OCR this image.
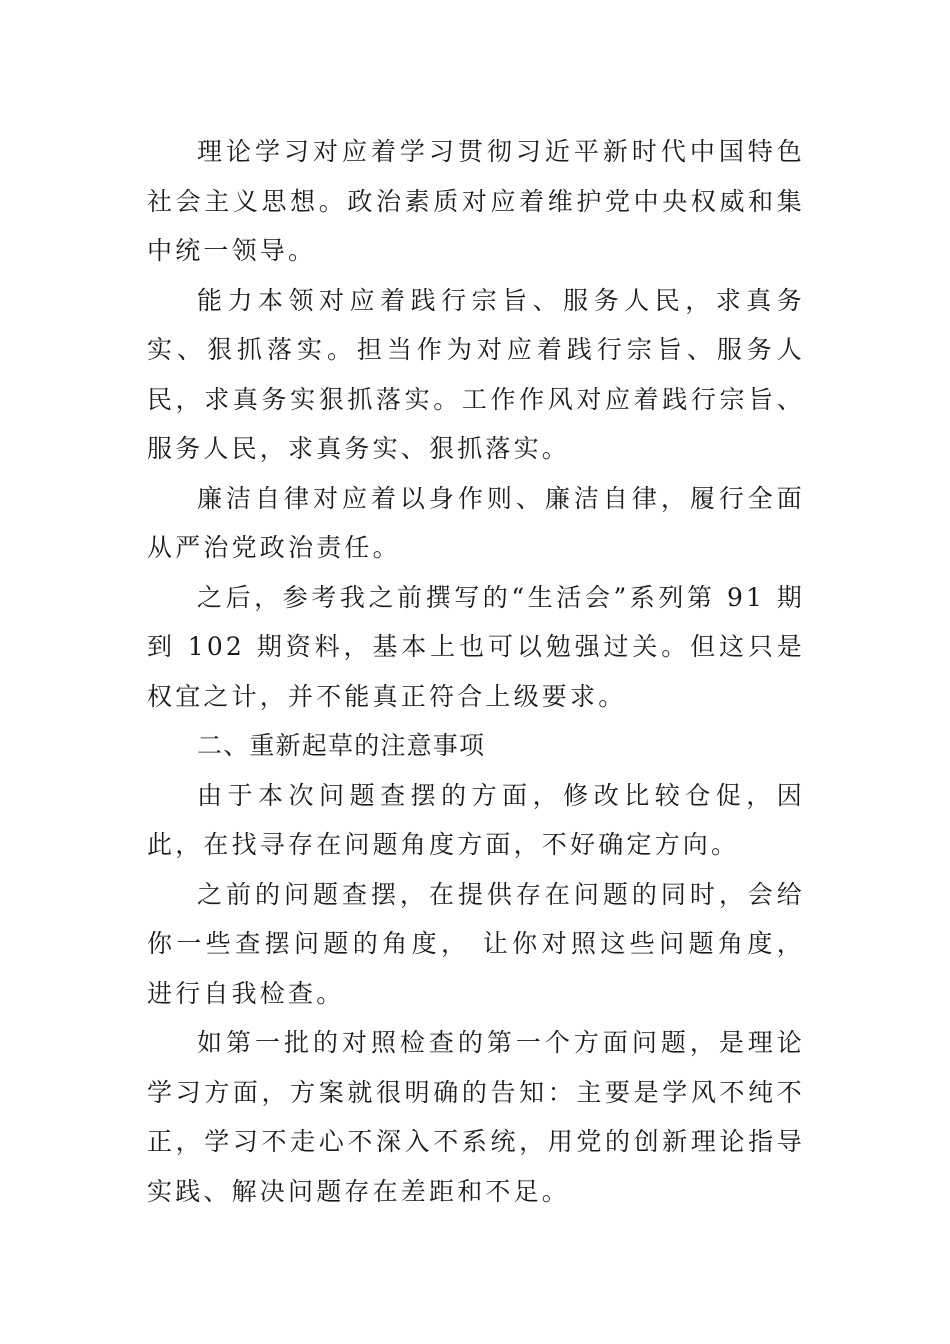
理论学习对应着学习贯彻习近平新时代中国特色社会主义思想。政治素质对应着维护党中央权威和集中统一领导。

能力本领对应着践行宗旨、服务人民，求真务实、狠抓落实。担当作为对应着践行宗旨、服务人民，求真务实狠抓落实。工作作风对应着践行宗旨、服务人民，求真务实、狠抓落实。

廉洁自律对应着以身作则、廉洁自律，履行全面从严治党政治责任。

之后，参考我之前撰写的“生活会”系列第 91 期到 102 期资料，基本上也可以勉强过关。但这只是权宜之计，并不能真正符合上级要求。

二、重新起草的注意事项

由于本次问题查摆的方面，修改比较仓促，因此，在找寻存在问题角度方面，不好确定方向。

之前的问题查摆，在提供存在问题的同时，会给你一些查摆问题的角度， 让你对照这些问题角度，进行自我检查。

如第一批的对照检查的第一个方面问题，是理论学习方面，方案就很明确的告知：主要是学风不纯不正，学习不走心不深入不系统，用党的创新理论指导实践、解决问题存在差距和不足。
